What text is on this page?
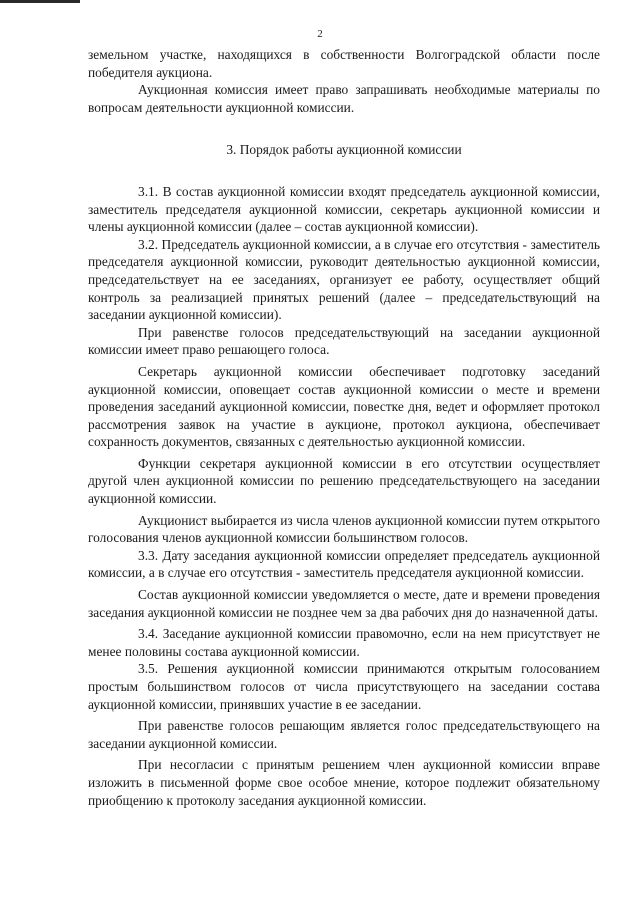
2

земельном участке, находящихся в собственности Волгоградской области после победителя аукциона.

Аукционная комиссия имеет право запрашивать необходимые материалы по вопросам деятельности аукционной комиссии.

3. Порядок работы аукционной комиссии

3.1. В состав аукционной комиссии входят председатель аукционной комиссии, заместитель председателя аукционной комиссии, секретарь аукционной комиссии и члены аукционной комиссии (далее – состав аукционной комиссии).

3.2. Председатель аукционной комиссии, а в случае его отсутствия - заместитель председателя аукционной комиссии, руководит деятельностью аукционной комиссии, председательствует на ее заседаниях, организует ее работу, осуществляет общий контроль за реализацией принятых решений (далее – председательствующий на заседании аукционной комиссии).

При равенстве голосов председательствующий на заседании аукционной комиссии имеет право решающего голоса.

Секретарь аукционной комиссии обеспечивает подготовку заседаний аукционной комиссии, оповещает состав аукционной комиссии о месте и времени проведения заседаний аукционной комиссии, повестке дня, ведет и оформляет протокол рассмотрения заявок на участие в аукционе, протокол аукциона, обеспечивает сохранность документов, связанных с деятельностью аукционной комиссии.

Функции секретаря аукционной комиссии в его отсутствии осуществляет другой член аукционной комиссии по решению председательствующего на заседании аукционной комиссии.

Аукционист выбирается из числа членов аукционной комиссии путем открытого голосования членов аукционной комиссии большинством голосов.

3.3. Дату заседания аукционной комиссии определяет председатель аукционной комиссии, а в случае его отсутствия - заместитель председателя аукционной комиссии.

Состав аукционной комиссии уведомляется о месте, дате и времени проведения заседания аукционной комиссии не позднее чем за два рабочих дня до назначенной даты.

3.4. Заседание аукционной комиссии правомочно, если на нем присутствует не менее половины состава аукционной комиссии.

3.5. Решения аукционной комиссии принимаются открытым голосованием простым большинством голосов от числа присутствующего на заседании состава аукционной комиссии, принявших участие в ее заседании.

При равенстве голосов решающим является голос председательствующего на заседании аукционной комиссии.

При несогласии с принятым решением член аукционной комиссии вправе изложить в письменной форме свое особое мнение, которое подлежит обязательному приобщению к протоколу заседания аукционной комиссии.
